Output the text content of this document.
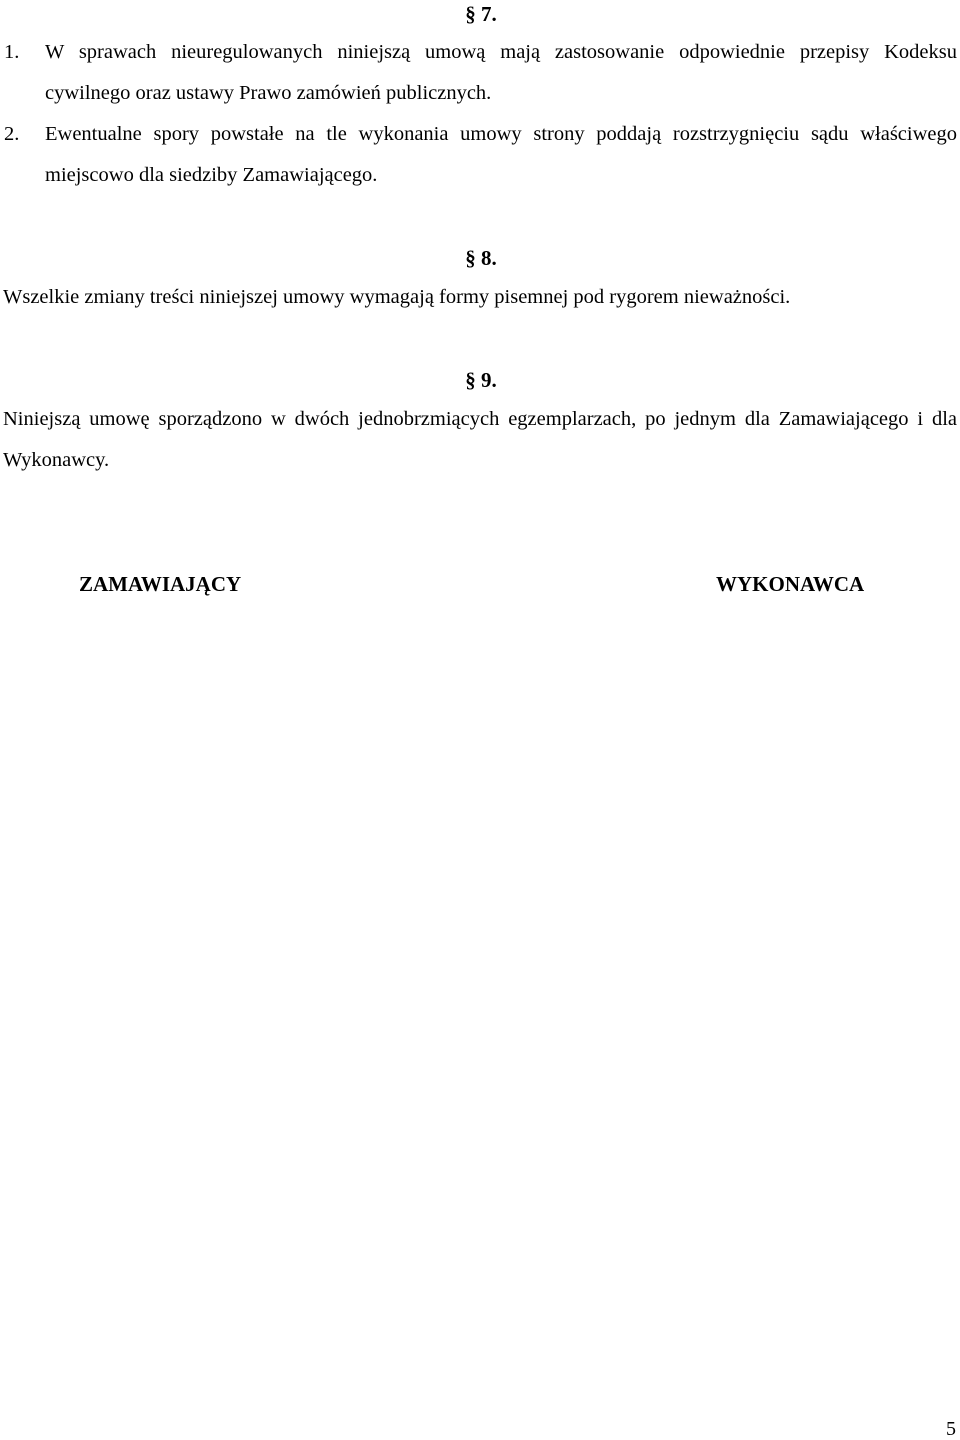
§ 7.
1. W sprawach nieuregulowanych niniejszą umową mają zastosowanie odpowiednie przepisy Kodeksu cywilnego oraz ustawy Prawo zamówień publicznych.
2. Ewentualne spory powstałe na tle wykonania umowy strony poddają rozstrzygnięciu sądu właściwego miejscowo dla siedziby Zamawiającego.
§ 8.
Wszelkie zmiany treści niniejszej umowy wymagają formy pisemnej pod rygorem nieważności.
§ 9.
Niniejszą umowę sporządzono w dwóch jednobrzmiących egzemplarzach, po jednym dla Zamawiającego i dla Wykonawcy.
ZAMAWIAJĄCY	WYKONAWCA
5
